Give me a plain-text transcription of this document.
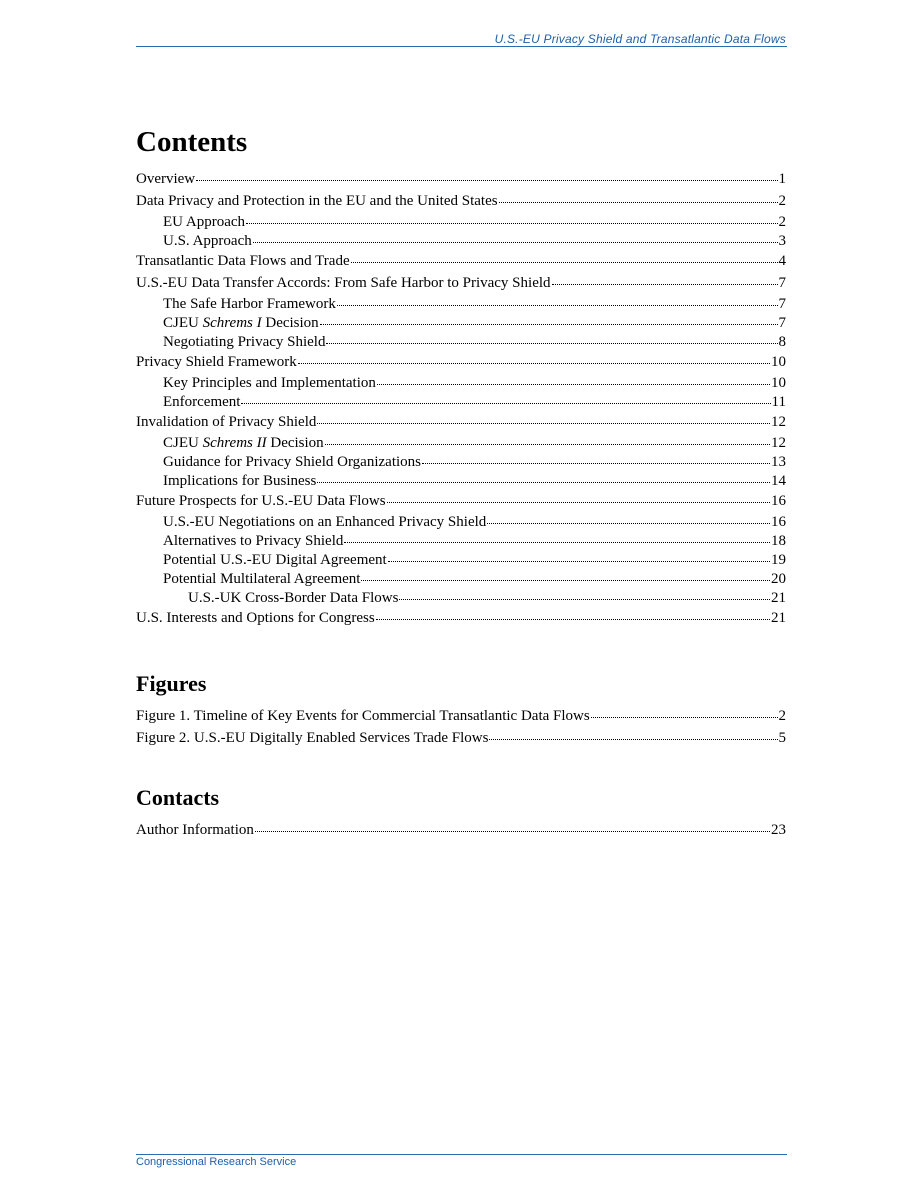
U.S.-EU Privacy Shield and Transatlantic Data Flows
Contents
Overview	1
Data Privacy and Protection in the EU and the United States	2
EU Approach	2
U.S. Approach	3
Transatlantic Data Flows and Trade	4
U.S.-EU Data Transfer Accords: From Safe Harbor to Privacy Shield	7
The Safe Harbor Framework	7
CJEU Schrems I Decision	7
Negotiating Privacy Shield	8
Privacy Shield Framework	10
Key Principles and Implementation	10
Enforcement	11
Invalidation of Privacy Shield	12
CJEU Schrems II Decision	12
Guidance for Privacy Shield Organizations	13
Implications for Business	14
Future Prospects for U.S.-EU Data Flows	16
U.S.-EU Negotiations on an Enhanced Privacy Shield	16
Alternatives to Privacy Shield	18
Potential U.S.-EU Digital Agreement	19
Potential Multilateral Agreement	20
U.S.-UK Cross-Border Data Flows	21
U.S. Interests and Options for Congress	21
Figures
Figure 1. Timeline of Key Events for Commercial Transatlantic Data Flows	2
Figure 2. U.S.-EU Digitally Enabled Services Trade Flows	5
Contacts
Author Information	23
Congressional Research Service
